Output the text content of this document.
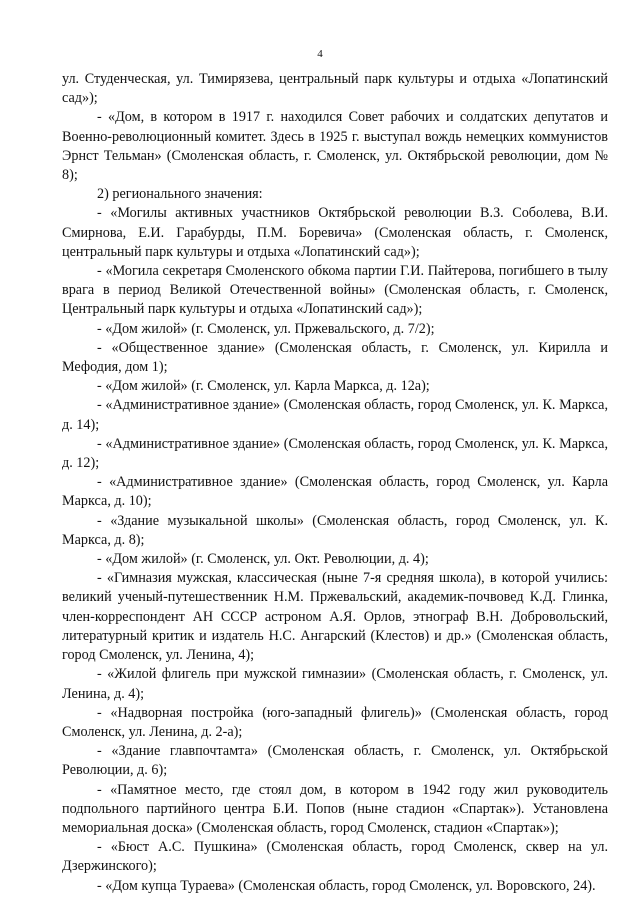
4

ул. Студенческая, ул. Тимирязева, центральный парк культуры и отдыха «Лопатинский сад»);

- «Дом, в котором в 1917 г. находился Совет рабочих и солдатских депутатов и Военно-революционный комитет. Здесь в 1925 г. выступал вождь немецких коммунистов Эрнст Тельман» (Смоленская область, г. Смоленск, ул. Октябрьской революции, дом № 8);

2) регионального значения:

- «Могилы активных участников Октябрьской революции В.З. Соболева, В.И. Смирнова, Е.И. Гарабурды, П.М. Боревича» (Смоленская область, г. Смоленск, центральный парк культуры и отдыха «Лопатинский сад»);

- «Могила секретаря Смоленского обкома партии Г.И. Пайтерова, погибшего в тылу врага в период Великой Отечественной войны» (Смоленская область, г. Смоленск, Центральный парк культуры и отдыха «Лопатинский сад»);

- «Дом жилой» (г. Смоленск, ул. Пржевальского, д. 7/2);

- «Общественное здание» (Смоленская область, г. Смоленск, ул. Кирилла и Мефодия, дом 1);

- «Дом жилой» (г. Смоленск, ул. Карла Маркса, д. 12а);

- «Административное здание» (Смоленская область, город Смоленск, ул. К. Маркса, д. 14);

- «Административное здание» (Смоленская область, город Смоленск, ул. К. Маркса, д. 12);

- «Административное здание» (Смоленская область, город Смоленск, ул. Карла Маркса, д. 10);

- «Здание музыкальной школы» (Смоленская область, город Смоленск, ул. К. Маркса, д. 8);

- «Дом жилой» (г. Смоленск, ул. Окт. Революции, д. 4);

- «Гимназия мужская, классическая (ныне 7-я средняя школа), в которой учились: великий ученый-путешественник Н.М. Пржевальский, академик-почвовед К.Д. Глинка, член-корреспондент АН СССР астроном А.Я. Орлов, этнограф В.Н. Добровольский, литературный критик и издатель Н.С. Ангарский (Клестов) и др.» (Смоленская область, город Смоленск, ул. Ленина, 4);

- «Жилой флигель при мужской гимназии» (Смоленская область, г. Смоленск, ул. Ленина, д. 4);

- «Надворная постройка (юго-западный флигель)» (Смоленская область, город Смоленск, ул. Ленина, д. 2-а);

- «Здание главпочтамта» (Смоленская область, г. Смоленск, ул. Октябрьской Революции, д. 6);

- «Памятное место, где стоял дом, в котором в 1942 году жил руководитель подпольного партийного центра Б.И. Попов (ныне стадион «Спартак»). Установлена мемориальная доска» (Смоленская область, город Смоленск, стадион «Спартак»);

- «Бюст А.С. Пушкина» (Смоленская область, город Смоленск, сквер на ул. Дзержинского);

- «Дом купца Тураева» (Смоленская область, город Смоленск, ул. Воровского, 24).
